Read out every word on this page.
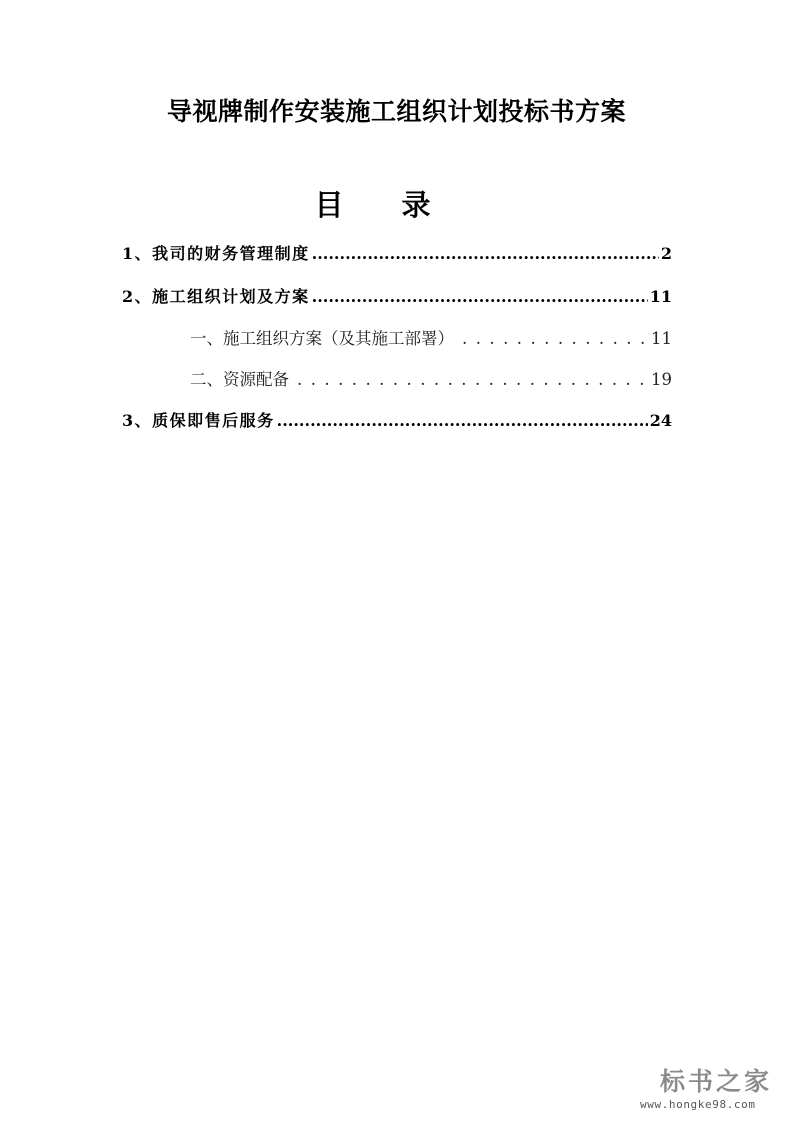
导视牌制作安装施工组织计划投标书方案
目录
1、我司的财务管理制度 .....	2
2、施工组织计划及方案 .....	11
一、施工组织方案（及其施工部署） . . .	11
二、资源配备 . . .	19
3、质保即售后服务 .....	24
标书之家
www.hongke98.com
